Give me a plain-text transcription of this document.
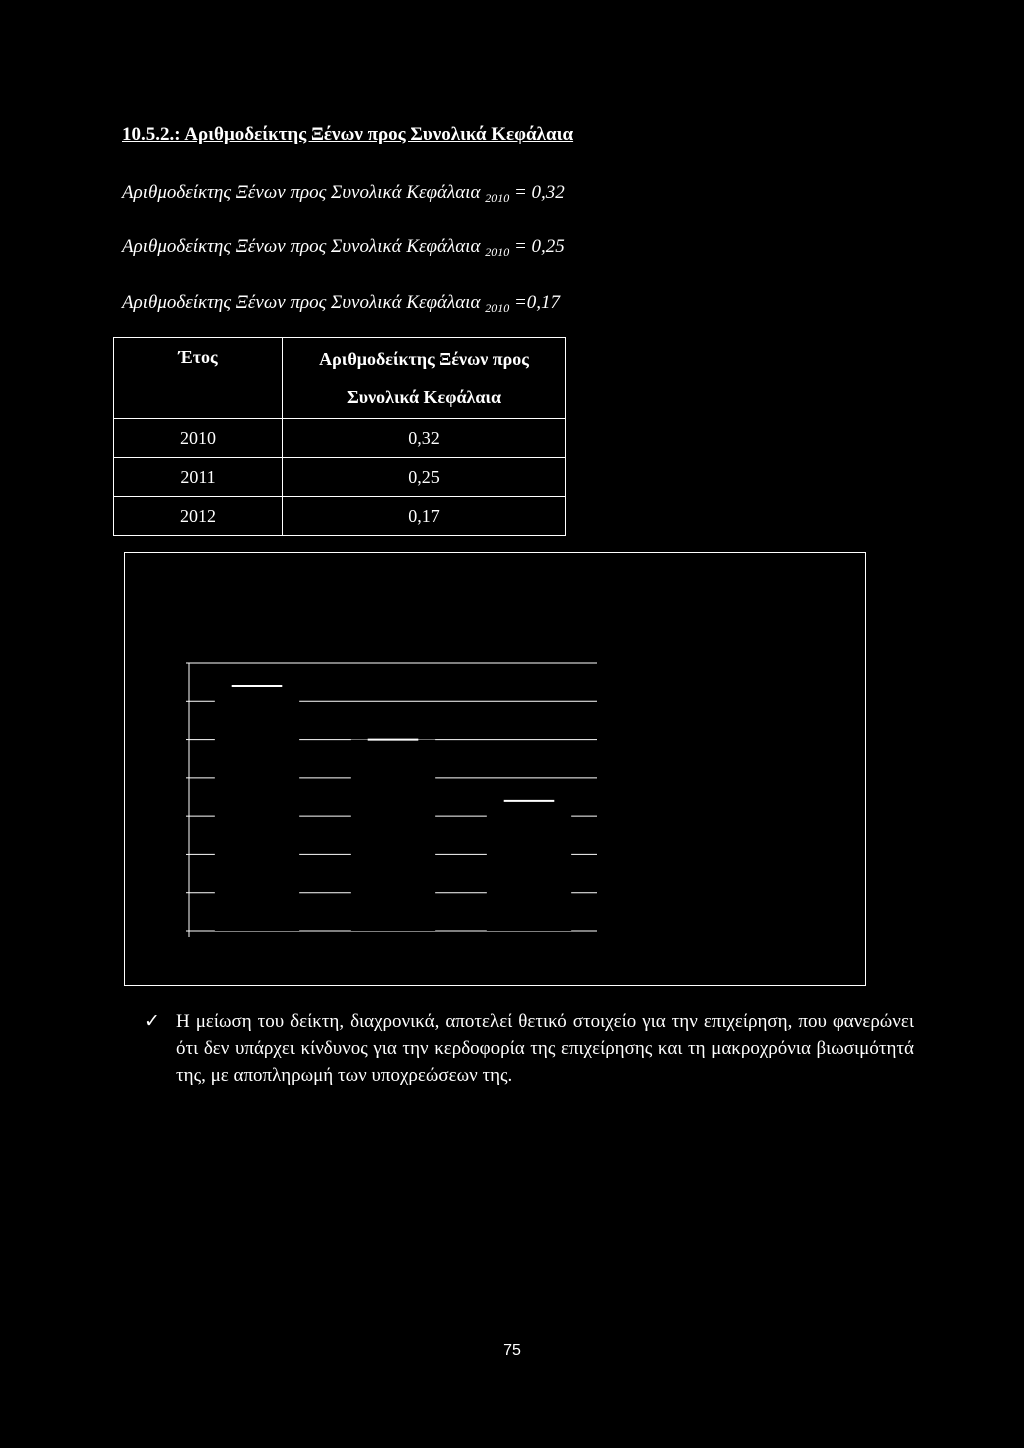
10.5.2.: Αριθμοδείκτης Ξένων προς Συνολικά Κεφάλαια
Αριθμοδείκτης Ξένων προς Συνολικά Κεφάλαια $_{2010}$ = 0,32
Αριθμοδείκτης Ξένων προς Συνολικά Κεφάλαια $_{2010}$ = 0,25
Αριθμοδείκτης Ξένων προς Συνολικά Κεφάλαια $_{2010}$ =0,17
Έτος	Αριθμοδείκτης Ξένων προς Συνολικά Κεφάλαια
2010	0,32
2011	0,25
2012	0,17
✓ Η μείωση του δείκτη, διαχρονικά, αποτελεί θετικό στοιχείο για την επιχείρηση, που φανερώνει ότι δεν υπάρχει κίνδυνος για την κερδοφορία της επιχείρησης και τη μακροχρόνια βιωσιμότητά της, με αποπληρωμή των υποχρεώσεων της.
75
